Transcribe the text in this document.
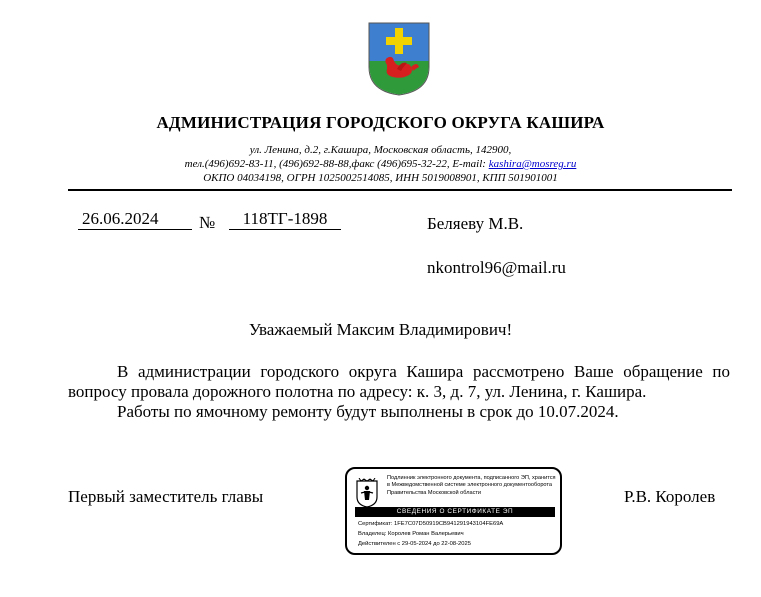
АДМИНИСТРАЦИЯ ГОРОДСКОГО ОКРУГА КАШИРА
ул. Ленина, д.2, г.Кашира, Московская область, 142900,
тел.(496)692-83-11, (496)692-88-88,факс (496)695-32-22, E-mail: kashira@mosreg.ru
ОКПО 04034198, ОГРН 1025002514085, ИНН 5019008901, КПП 501901001
26.06.2024	№	118ТГ-1898	Беляеву М.В.
nkontrol96@mail.ru
Уважаемый Максим Владимирович!

В администрации городского округа Кашира рассмотрено Ваше обращение по вопросу провала дорожного полотна по адресу: к. 3, д. 7, ул. Ленина, г. Кашира.

Работы по ямочному ремонту будут выполнены в срок до 10.07.2024.

Первый заместитель главы	Р.В. Королев
Подлинник электронного документа, подписанного ЭП, хранится в Межведомственной системе электронного документооборота Правительства Московской области
СВЕДЕНИЯ О СЕРТИФИКАТЕ ЭП
Сертификат: 1FE7C07D50919CB941291943104FE69A
Владелец: Королев Роман Валерьевич
Действителен с 29-05-2024 до 22-08-2025
